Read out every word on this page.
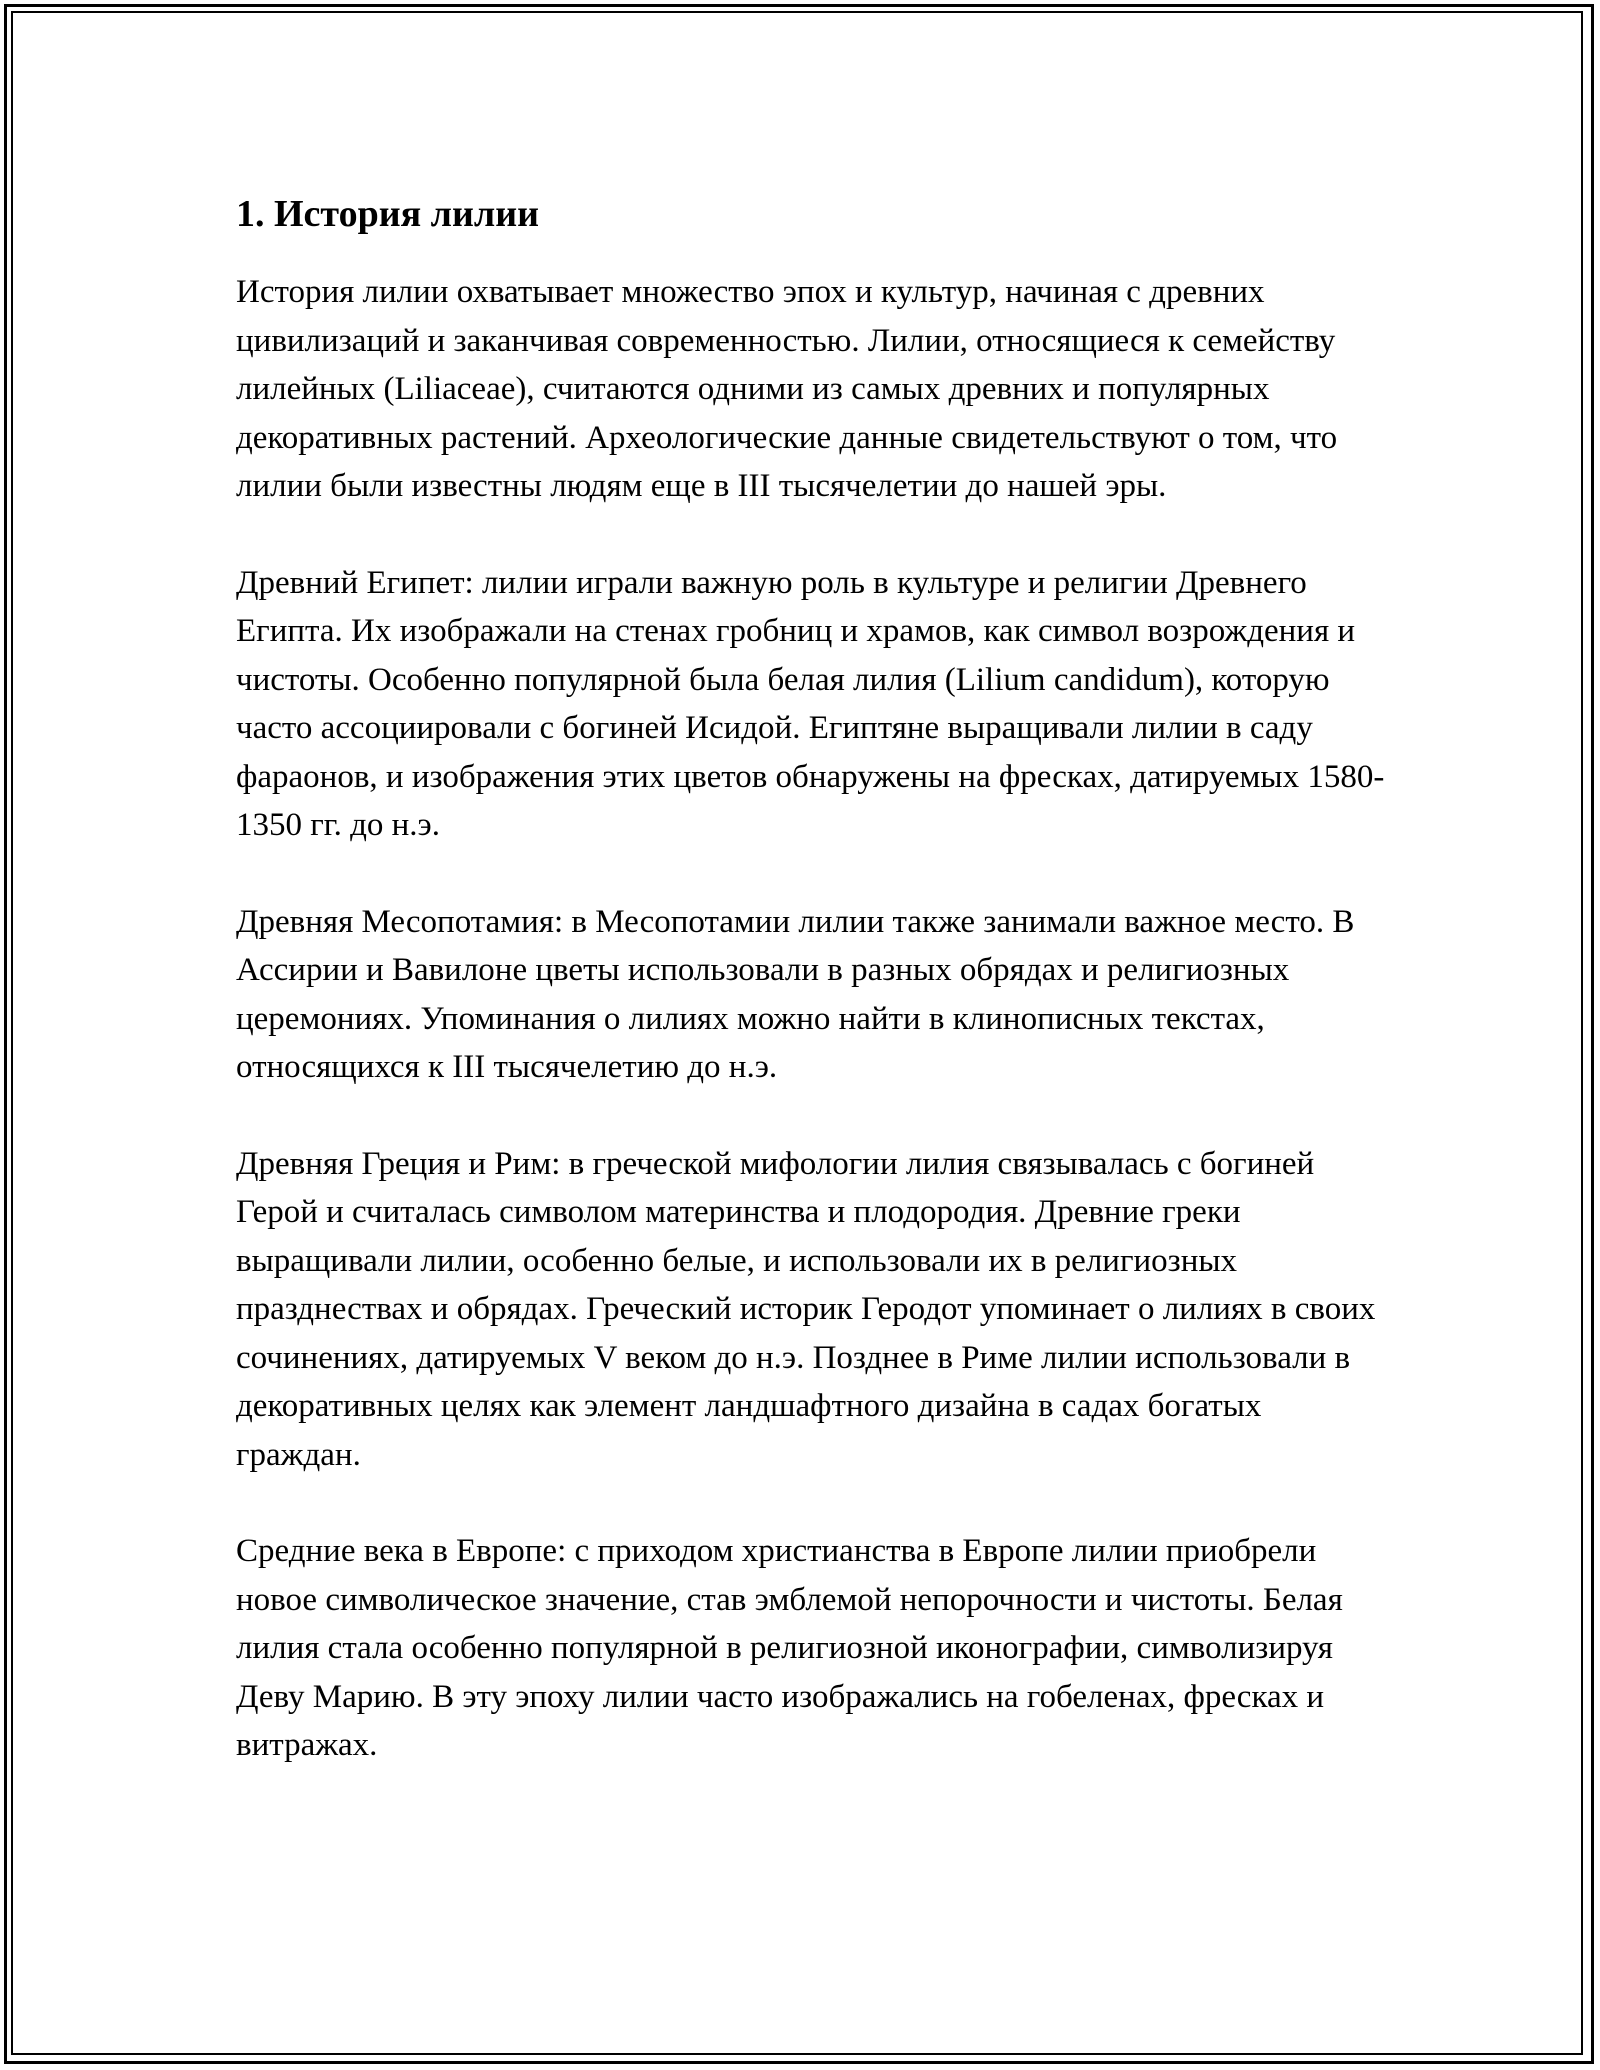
1. История лилии

История лилии охватывает множество эпох и культур, начиная с древних цивилизаций и заканчивая современностью. Лилии, относящиеся к семейству лилейных (Liliaceae), считаются одними из самых древних и популярных декоративных растений. Археологические данные свидетельствуют о том, что лилии были известны людям еще в III тысячелетии до нашей эры.

Древний Египет: лилии играли важную роль в культуре и религии Древнего Египта. Их изображали на стенах гробниц и храмов, как символ возрождения и чистоты. Особенно популярной была белая лилия (Lilium candidum), которую часто ассоциировали с богиней Исидой. Египтяне выращивали лилии в саду фараонов, и изображения этих цветов обнаружены на фресках, датируемых 1580-1350 гг. до н.э.

Древняя Месопотамия: в Месопотамии лилии также занимали важное место. В Ассирии и Вавилоне цветы использовали в разных обрядах и религиозных церемониях. Упоминания о лилиях можно найти в клинописных текстах, относящихся к III тысячелетию до н.э.

Древняя Греция и Рим: в греческой мифологии лилия связывалась с богиней Герой и считалась символом материнства и плодородия. Древние греки выращивали лилии, особенно белые, и использовали их в религиозных празднествах и обрядах. Греческий историк Геродот упоминает о лилиях в своих сочинениях, датируемых V веком до н.э. Позднее в Риме лилии использовали в декоративных целях как элемент ландшафтного дизайна в садах богатых граждан.

Средние века в Европе: с приходом христианства в Европе лилии приобрели новое символическое значение, став эмблемой непорочности и чистоты. Белая лилия стала особенно популярной в религиозной иконографии, символизируя Деву Марию. В эту эпоху лилии часто изображались на гобеленах, фресках и витражах.
